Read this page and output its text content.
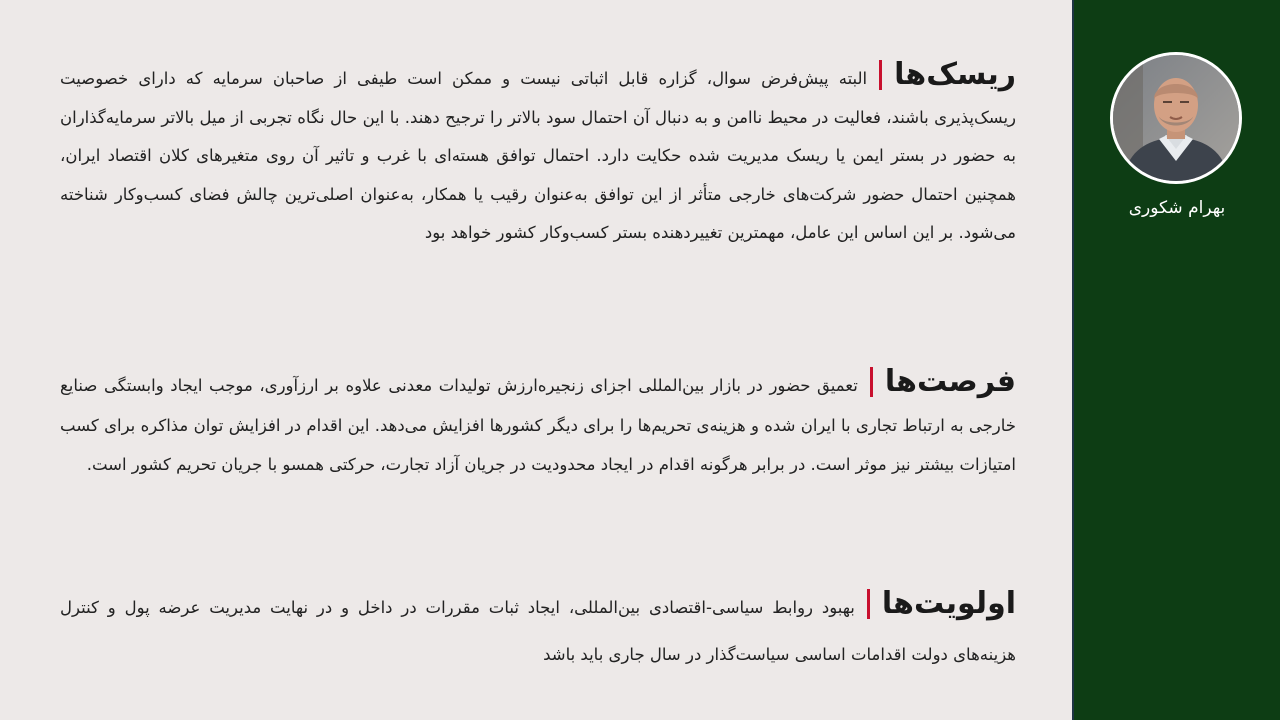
ریسک‌هاالبته پیش‌فرض سوال، گزاره قابل اثباتی نیست و ممکن است طیفی از صاحبان سرمایه که دارای خصوصیت ریسک‌پذیری باشند، فعالیت در محیط ناامن و به دنبال آن احتمال سود بالاتر را ترجیح دهند. با این حال نگاه تجربی از میل بالاتر سرمایه‌گذاران به حضور در بستر ایمن یا ریسک مدیریت شده حکایت دارد. احتمال توافق هسته‌ای با غرب و تاثیر آن روی متغیرهای کلان اقتصاد ایران، همچنین احتمال حضور شرکت‌های خارجی متأثر از این توافق به‌عنوان رقیب یا همکار، به‌عنوان اصلی‌ترین چالش فضای کسب‌وکار شناخته می‌شود. بر این اساس این عامل، مهمترین تغییردهنده بستر کسب‌وکار کشور خواهد بود

فرصت‌هاتعمیق حضور در بازار بین‌المللی اجزای زنجیره‌ارزش تولیدات معدنی علاوه بر ارزآوری، موجب ایجاد وابستگی صنایع خارجی به ارتباط تجاری با ایران شده و هزینه‌ی تحریم‌ها را برای دیگر کشورها افزایش می‌دهد. این اقدام در افزایش توان مذاکره برای کسب امتیازات بیشتر نیز موثر است. در برابر هرگونه اقدام در ایجاد محدودیت در جریان آزاد تجارت، حرکتی همسو با جریان تحریم کشور است.

اولویت‌هابهبود روابط سیاسی-اقتصادی بین‌المللی، ایجاد ثبات مقررات در داخل و در نهایت مدیریت عرضه پول و کنترل هزینه‌های دولت اقدامات اساسی سیاست‌گذار در سال جاری باید باشد

بهرام شکوری
